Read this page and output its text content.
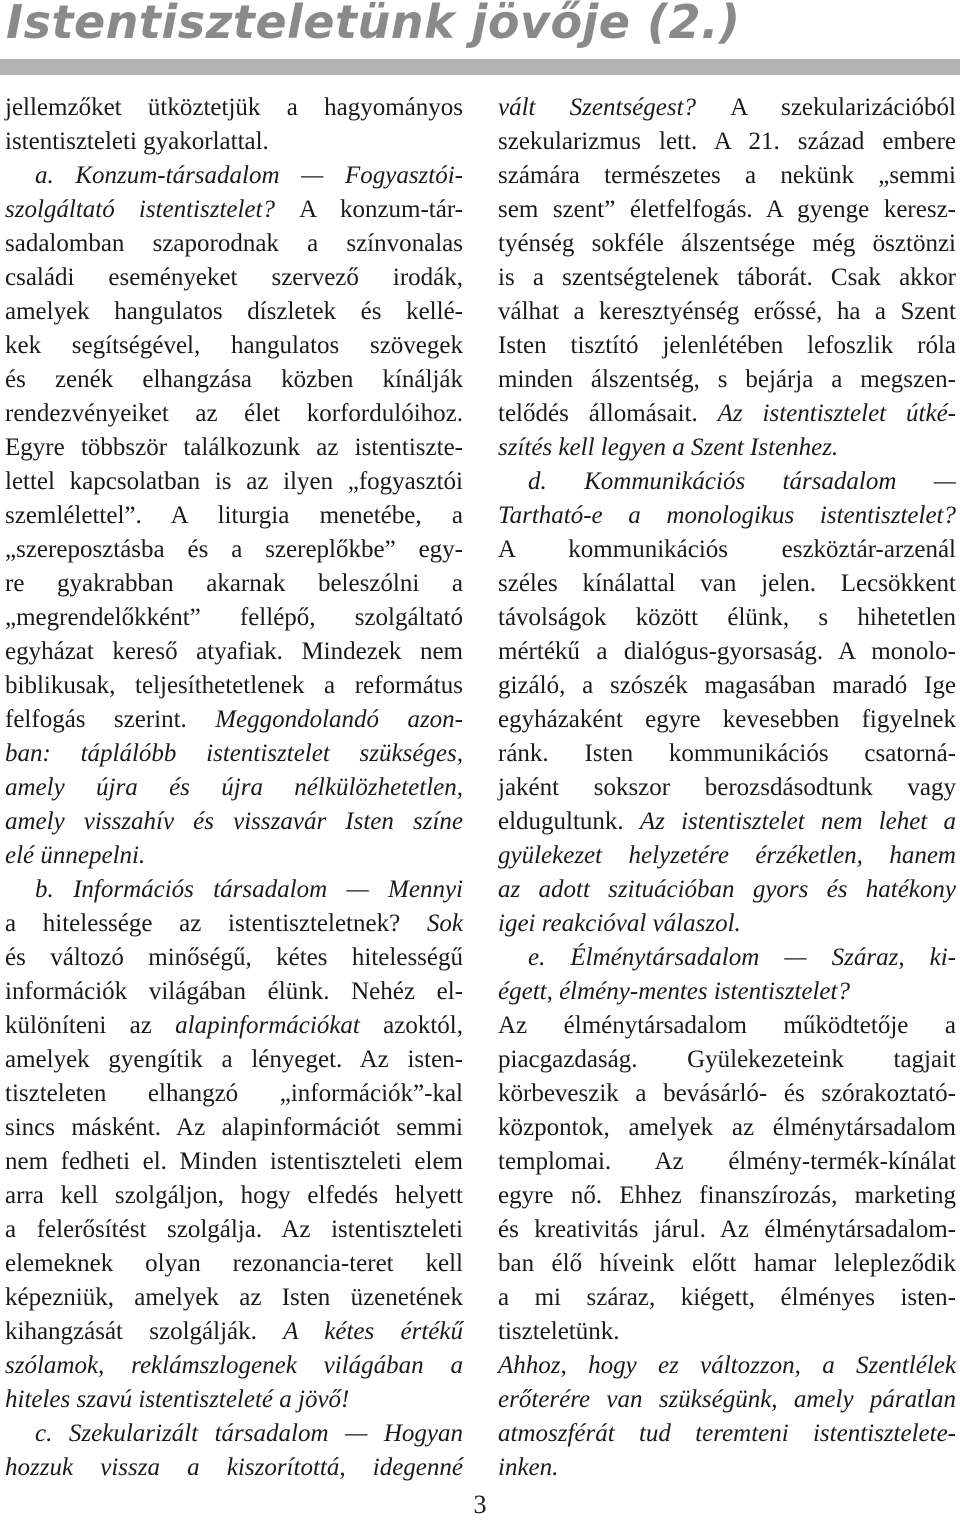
Istentiszteletünk jövője (2.)
jellemzőket ütköztetjük a hagyományos
istentiszteleti gyakorlattal.
a. Konzum-társadalom — Fogyasztói-
szolgáltató istentisztelet? A konzum-tár-
sadalomban szaporodnak a színvonalas
családi eseményeket szervező irodák,
amelyek hangulatos díszletek és kellé-
kek segítségével, hangulatos szövegek
és zenék elhangzása közben kínálják
rendezvényeiket az élet korfordulóihoz.
Egyre többször találkozunk az istentiszte-
lettel kapcsolatban is az ilyen „fogyasztói
szemlélettel”. A liturgia menetébe, a
„szereposztásba és a szereplőkbe” egy-
re gyakrabban akarnak beleszólni a
„megrendelőkként” fellépő, szolgáltató
egyházat kereső atyafiak. Mindezek nem
biblikusak, teljesíthetetlenek a református
felfogás szerint. Meggondolandó azon-
ban: táplálóbb istentisztelet szükséges,
amely újra és újra nélkülözhetetlen,
amely visszahív és visszavár Isten színe
elé ünnepelni.
b. Információs társadalom — Mennyi
a hitelessége az istentiszteletnek? Sok
és változó minőségű, kétes hitelességű
információk világában élünk. Nehéz el-
különíteni az alapinformációkat azoktól,
amelyek gyengítik a lényeget. Az isten-
tiszteleten elhangzó „információk”-kal
sincs másként. Az alapinformációt semmi
nem fedheti el. Minden istentiszteleti elem
arra kell szolgáljon, hogy elfedés helyett
a felerősítést szolgálja. Az istentiszteleti
elemeknek olyan rezonancia-teret kell
képezniük, amelyek az Isten üzenetének
kihangzását szolgálják. A kétes értékű
szólamok, reklámszlogenek világában a
hiteles szavú istentiszteleté a jövő!
c. Szekularizált társadalom — Hogyan
hozzuk vissza a kiszorítottá, idegenné
vált Szentségest? A szekularizációból
szekularizmus lett. A 21. század embere
számára természetes a nekünk „semmi
sem szent” életfelfogás. A gyenge keresz-
tyénség sokféle álszentsége még ösztönzi
is a szentségtelenek táborát. Csak akkor
válhat a keresztyénség erőssé, ha a Szent
Isten tisztító jelenlétében lefoszlik róla
minden álszentség, s bejárja a megszen-
telődés állomásait. Az istentisztelet útké-
szítés kell legyen a Szent Istenhez.
d. Kommunikációs társadalom —
Tartható-e a monologikus istentisztelet?
A kommunikációs eszköztár-arzenál
széles kínálattal van jelen. Lecsökkent
távolságok között élünk, s hihetetlen
mértékű a dialógus-gyorsaság. A monolo-
gizáló, a szószék magasában maradó Ige
egyházaként egyre kevesebben figyelnek
ránk. Isten kommunikációs csatorná-
jaként sokszor berozsdásodtunk vagy
eldugultunk. Az istentisztelet nem lehet a
gyülekezet helyzetére érzéketlen, hanem
az adott szituációban gyors és hatékony
igei reakcióval válaszol.
e. Élménytársadalom — Száraz, ki-
égett, élmény-mentes istentisztelet?
Az élménytársadalom működtetője a
piacgazdaság. Gyülekezeteink tagjait
körbeveszik a bevásárló- és szórakoztató-
központok, amelyek az élménytársadalom
templomai. Az élmény-termék-kínálat
egyre nő. Ehhez finanszírozás, marketing
és kreativitás járul. Az élménytársadalom-
ban élő híveink előtt hamar lelepleződik
a mi száraz, kiégett, élményes isten-
tiszteletünk.
Ahhoz, hogy ez változzon, a Szentlélek
erőterére van szükségünk, amely páratlan
atmoszférát tud teremteni istentiszteletе-
inken.
3
